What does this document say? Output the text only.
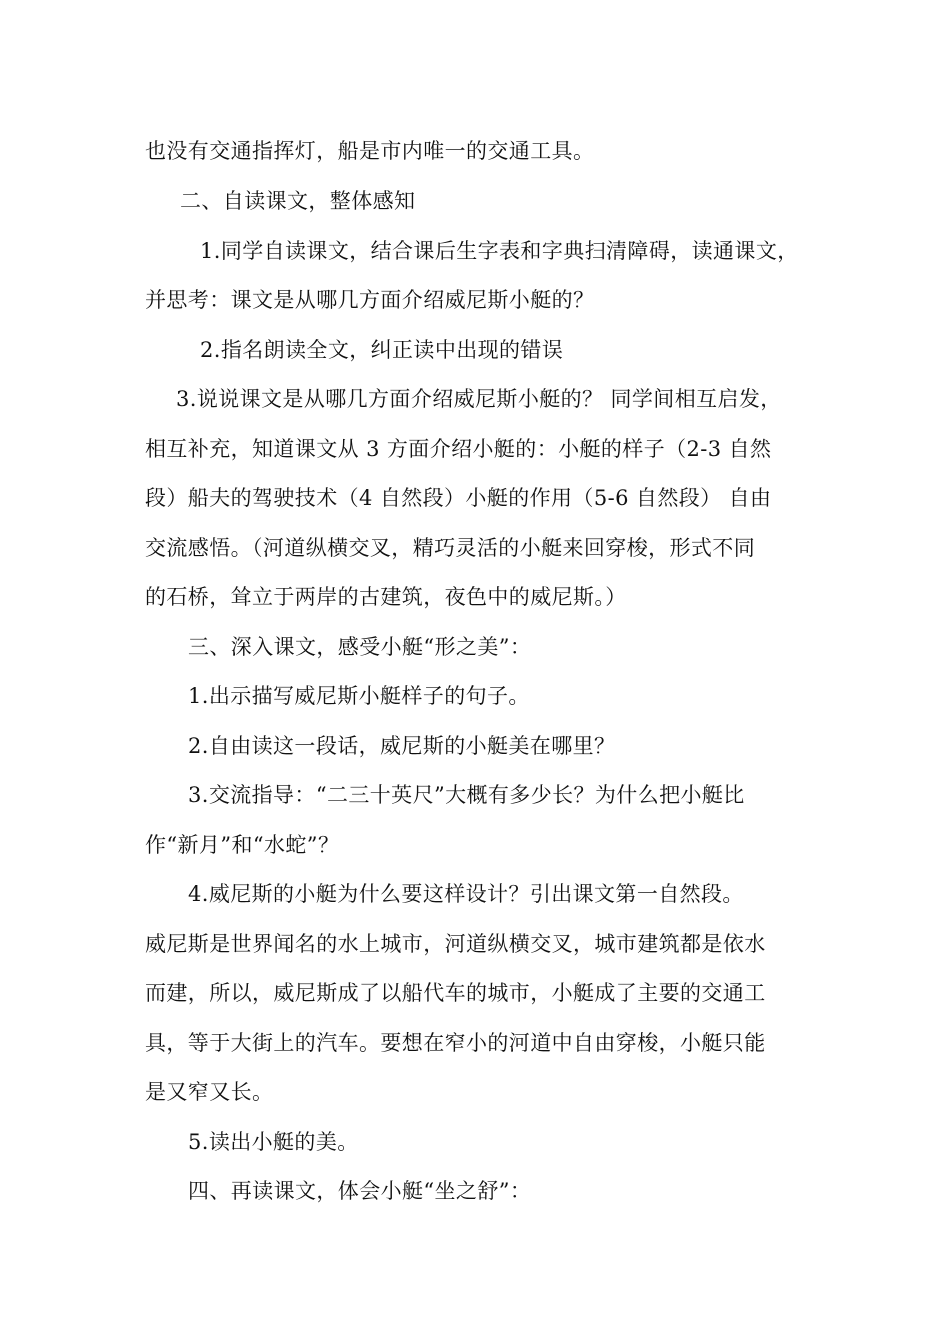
也没有交通指挥灯，船是市内唯一的交通工具。
二、自读课文，整体感知
1.同学自读课文，结合课后生字表和字典扫清障碍，读通课文，
并思考：课文是从哪几方面介绍威尼斯小艇的？
2.指名朗读全文，纠正读中出现的错误
3.说说课文是从哪几方面介绍威尼斯小艇的？ 同学间相互启发，
相互补充，知道课文从 3 方面介绍小艇的：小艇的样子（2-3 自然
段）船夫的驾驶技术（4 自然段）小艇的作用（5-6 自然段） 自由
交流感悟。（河道纵横交叉，精巧灵活的小艇来回穿梭，形式不同
的石桥，耸立于两岸的古建筑，夜色中的威尼斯。）
三、深入课文，感受小艇“形之美”：
1.出示描写威尼斯小艇样子的句子。
2.自由读这一段话，威尼斯的小艇美在哪里？
3.交流指导：“二三十英尺”大概有多少长？为什么把小艇比
作“新月”和“水蛇”？
4.威尼斯的小艇为什么要这样设计？引出课文第一自然段。
威尼斯是世界闻名的水上城市，河道纵横交叉，城市建筑都是依水
而建，所以，威尼斯成了以船代车的城市，小艇成了主要的交通工
具，等于大街上的汽车。要想在窄小的河道中自由穿梭，小艇只能
是又窄又长。
5.读出小艇的美。
四、再读课文，体会小艇“坐之舒”：
